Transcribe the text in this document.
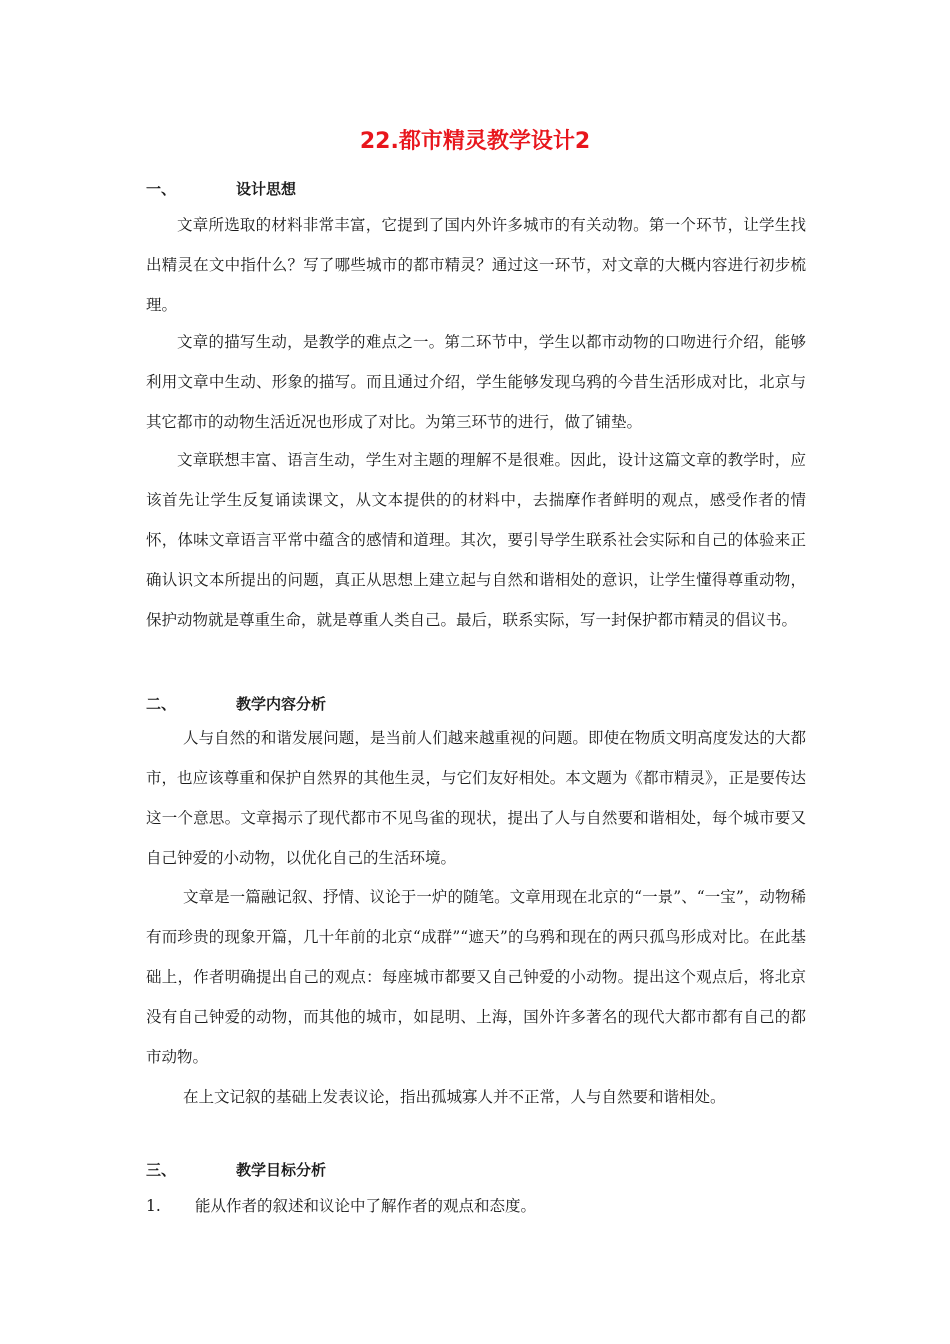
22.都市精灵教学设计2
一、	设计思想

文章所选取的材料非常丰富，它提到了国内外许多城市的有关动物。第一个环节，让学生找出精灵在文中指什么？写了哪些城市的都市精灵？通过这一环节，对文章的大概内容进行初步梳理。

文章的描写生动，是教学的难点之一。第二环节中，学生以都市动物的口吻进行介绍，能够利用文章中生动、形象的描写。而且通过介绍，学生能够发现乌鸦的今昔生活形成对比，北京与其它都市的动物生活近况也形成了对比。为第三环节的进行，做了铺垫。

文章联想丰富、语言生动，学生对主题的理解不是很难。因此，设计这篇文章的教学时，应该首先让学生反复诵读课文，从文本提供的的材料中，去揣摩作者鲜明的观点，感受作者的情怀，体味文章语言平常中蕴含的感情和道理。其次，要引导学生联系社会实际和自己的体验来正确认识文本所提出的问题，真正从思想上建立起与自然和谐相处的意识，让学生懂得尊重动物，保护动物就是尊重生命，就是尊重人类自己。最后，联系实际，写一封保护都市精灵的倡议书。

二、	教学内容分析

人与自然的和谐发展问题，是当前人们越来越重视的问题。即使在物质文明高度发达的大都市，也应该尊重和保护自然界的其他生灵，与它们友好相处。本文题为《都市精灵》，正是要传达这一个意思。文章揭示了现代都市不见鸟雀的现状，提出了人与自然要和谐相处，每个城市要又自己钟爱的小动物，以优化自己的生活环境。

文章是一篇融记叙、抒情、议论于一炉的随笔。文章用现在北京的“一景”、“一宝”，动物稀有而珍贵的现象开篇，几十年前的北京“成群”“遮天”的乌鸦和现在的两只孤鸟形成对比。在此基础上，作者明确提出自己的观点：每座城市都要又自己钟爱的小动物。提出这个观点后，将北京没有自己钟爱的动物，而其他的城市，如昆明、上海，国外许多著名的现代大都市都有自己的都市动物。

在上文记叙的基础上发表议论，指出孤城寡人并不正常，人与自然要和谐相处。

三、	教学目标分析
1. 能从作者的叙述和议论中了解作者的观点和态度。
